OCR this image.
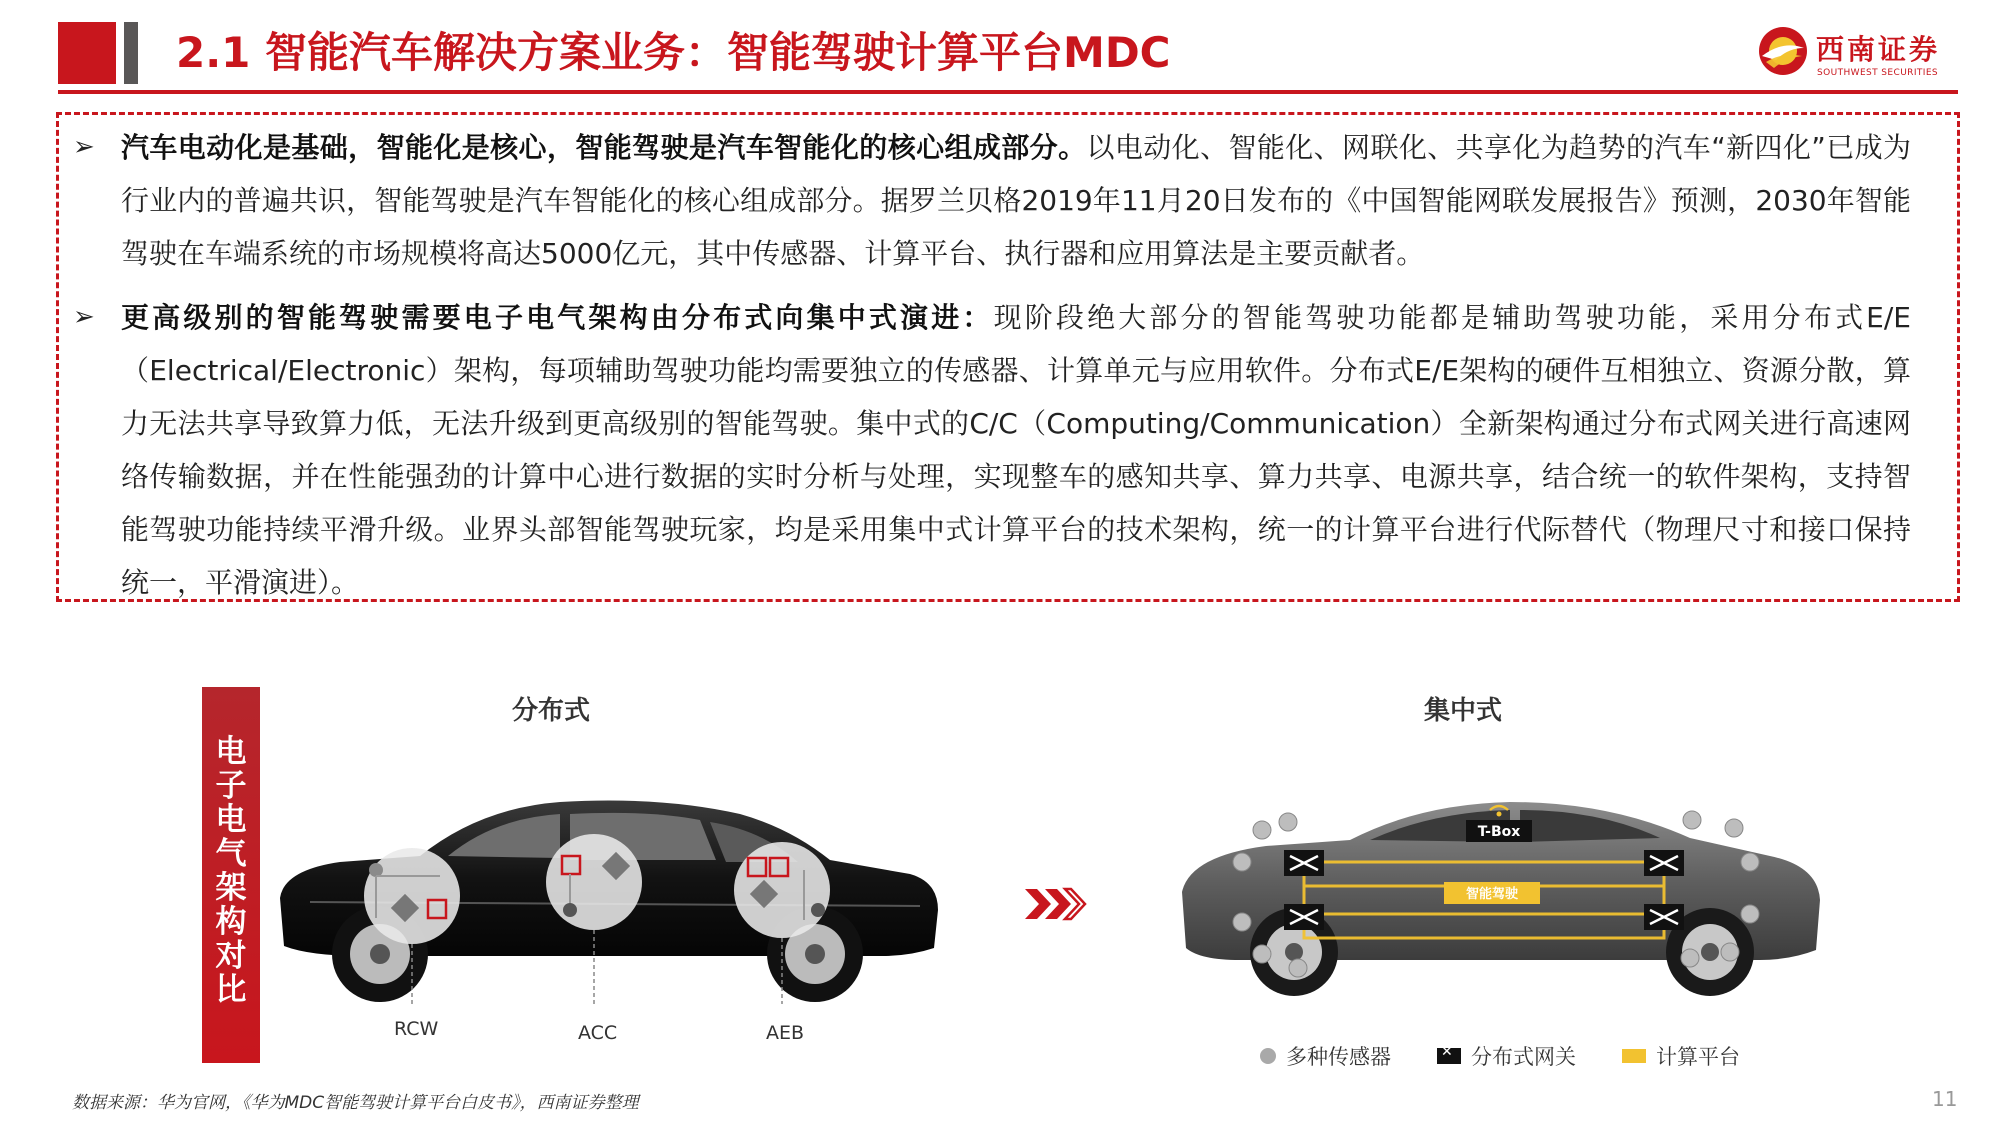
2.1 智能汽车解决方案业务：智能驾驶计算平台MDC	西南证券
SOUTHWEST SECURITIES
➢ 汽车电动化是基础，智能化是核心，智能驾驶是汽车智能化的核心组成部分。以电动化、智能化、网联化、共享化为趋势的汽车“新四化”已成为行业内的普遍共识，智能驾驶是汽车智能化的核心组成部分。据罗兰贝格2019年11月20日发布的《中国智能网联发展报告》预测，2030年智能驾驶在车端系统的市场规模将高达5000亿元，其中传感器、计算平台、执行器和应用算法是主要贡献者。
➢ 更高级别的智能驾驶需要电子电气架构由分布式向集中式演进：现阶段绝大部分的智能驾驶功能都是辅助驾驶功能，采用分布式E/E（Electrical/Electronic）架构，每项辅助驾驶功能均需要独立的传感器、计算单元与应用软件。分布式E/E架构的硬件互相独立、资源分散，算力无法共享导致算力低，无法升级到更高级别的智能驾驶。集中式的C/C（Computing/Communication）全新架构通过分布式网关进行高速网络传输数据，并在性能强劲的计算中心进行数据的实时分析与处理，实现整车的感知共享、算力共享、电源共享，结合统一的软件架构，支持智能驾驶功能持续平滑升级。业界头部智能驾驶玩家，均是采用集中式计算平台的技术架构，统一的计算平台进行代际替代（物理尺寸和接口保持统一，平滑演进）。
电子电气架构对比
分布式	集中式
RCW	ACC	AEB
智能驾驶
T-Box
多种传感器
✕	分布式网关	计算平台
数据来源：华为官网，《华为MDC智能驾驶计算平台白皮书》，西南证券整理	11
